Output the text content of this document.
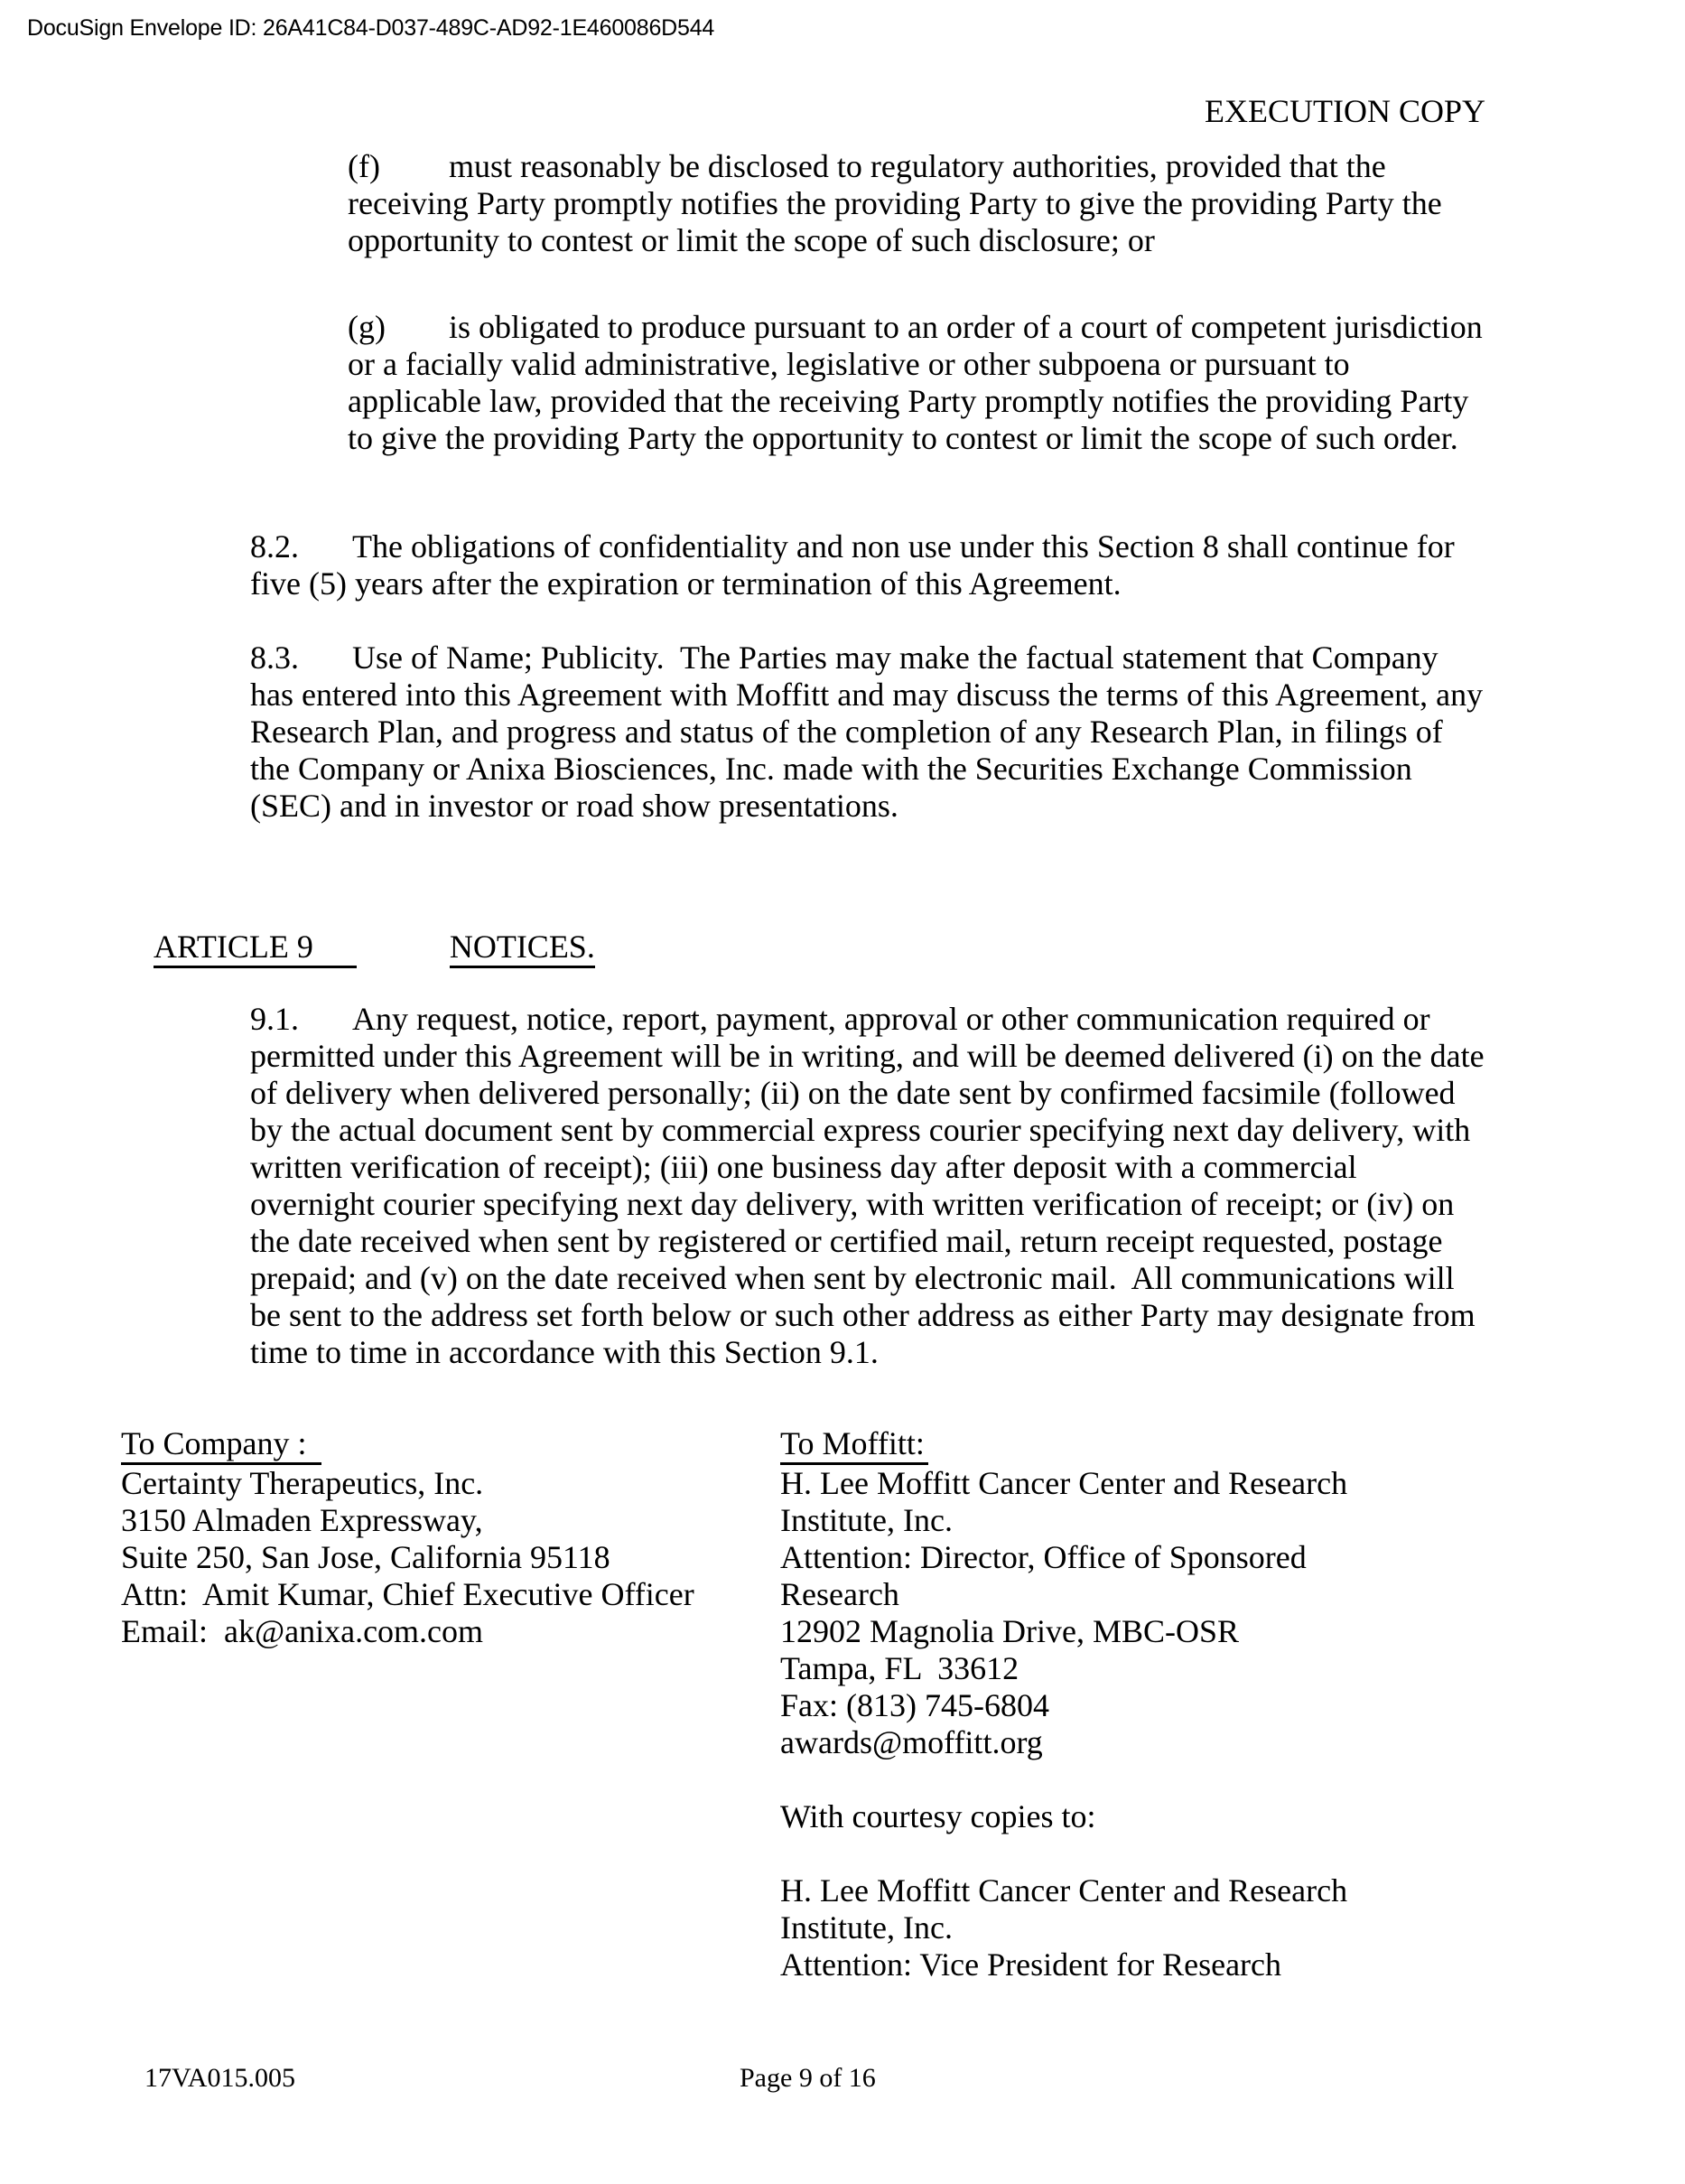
DocuSign Envelope ID: 26A41C84-D037-489C-AD92-1E460086D544
EXECUTION COPY

(f) must reasonably be disclosed to regulatory authorities, provided that the receiving Party promptly notifies the providing Party to give the providing Party the opportunity to contest or limit the scope of such disclosure; or

(g) is obligated to produce pursuant to an order of a court of competent jurisdiction or a facially valid administrative, legislative or other subpoena or pursuant to applicable law, provided that the receiving Party promptly notifies the providing Party to give the providing Party the opportunity to contest or limit the scope of such order.

8.2. The obligations of confidentiality and non use under this Section 8 shall continue for five (5) years after the expiration or termination of this Agreement.

8.3. Use of Name; Publicity.  The Parties may make the factual statement that Company has entered into this Agreement with Moffitt and may discuss the terms of this Agreement, any Research Plan, and progress and status of the completion of any Research Plan, in filings of the Company or Anixa Biosciences, Inc. made with the Securities Exchange Commission (SEC) and in investor or road show presentations.

ARTICLE 9	NOTICES.

9.1. Any request, notice, report, payment, approval or other communication required or permitted under this Agreement will be in writing, and will be deemed delivered (i) on the date of delivery when delivered personally; (ii) on the date sent by confirmed facsimile (followed by the actual document sent by commercial express courier specifying next day delivery, with written verification of receipt); (iii) one business day after deposit with a commercial overnight courier specifying next day delivery, with written verification of receipt; or (iv) on the date received when sent by registered or certified mail, return receipt requested, postage prepaid; and (v) on the date received when sent by electronic mail.  All communications will be sent to the address set forth below or such other address as either Party may designate from time to time in accordance with this Section 9.1.

To Company :
Certainty Therapeutics, Inc.
3150 Almaden Expressway,
Suite 250, San Jose, California 95118
Attn:  Amit Kumar, Chief Executive Officer
Email:  ak@anixa.com.com
To Moffitt:
H. Lee Moffitt Cancer Center and Research
Institute, Inc.
Attention: Director, Office of Sponsored
Research
12902 Magnolia Drive, MBC-OSR
Tampa, FL  33612
Fax: (813) 745-6804
awards@moffitt.org
With courtesy copies to:
H. Lee Moffitt Cancer Center and Research
Institute, Inc.
Attention: Vice President for Research
17VA015.005	Page 9 of 16
